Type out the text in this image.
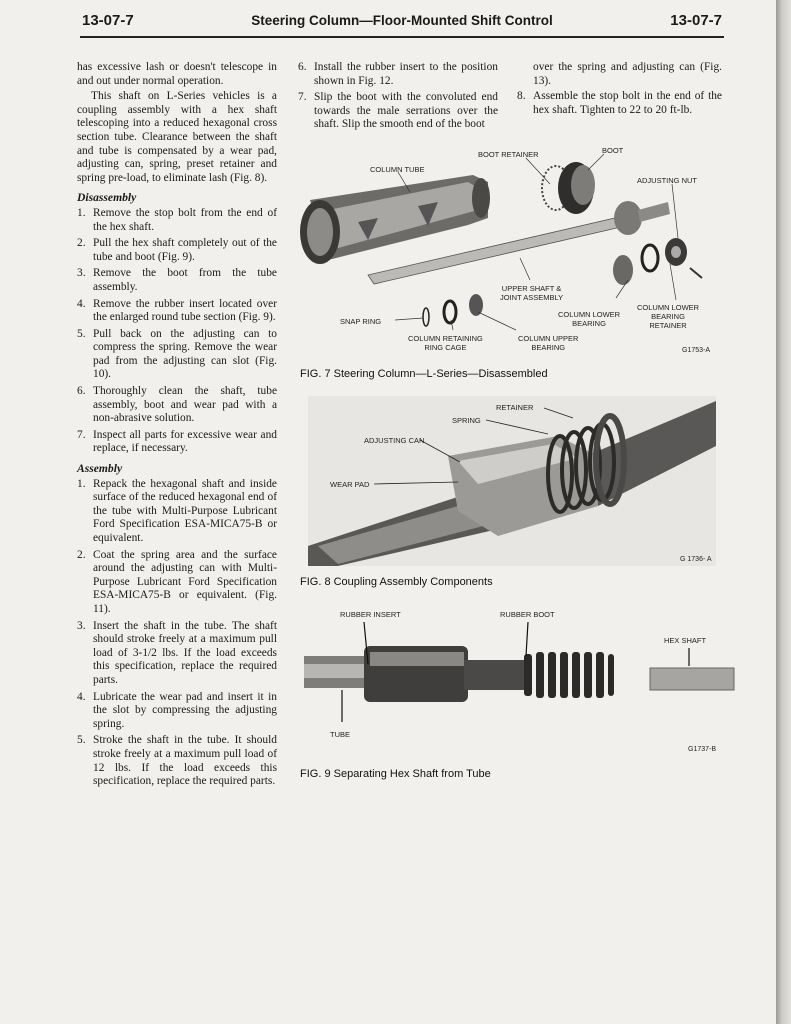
13-07-7	Steering Column—Floor-Mounted Shift Control	13-07-7

has excessive lash or doesn't telescope in and out under normal operation.

This shaft on L-Series vehicles is a coupling assembly with a hex shaft telescoping into a reduced hexagonal cross section tube. Clearance between the shaft and tube is compensated by a wear pad, adjusting can, spring, preset retainer and spring pre-load, to eliminate lash (Fig. 8).

Disassembly
1. Remove the stop bolt from the end of the hex shaft.
2. Pull the hex shaft completely out of the tube and boot (Fig. 9).
3. Remove the boot from the tube assembly.
4. Remove the rubber insert located over the enlarged round tube section (Fig. 9).
5. Pull back on the adjusting can to compress the spring. Remove the wear pad from the adjusting can slot (Fig. 10).
6. Thoroughly clean the shaft, tube assembly, boot and wear pad with a non-abrasive solution.
7. Inspect all parts for excessive wear and replace, if necessary.
Assembly
1. Repack the hexagonal shaft and inside surface of the reduced hexagonal end of the tube with Multi-Purpose Lubricant Ford Specification ESA-MICA75-B or equivalent.
2. Coat the spring area and the surface around the adjusting can with Multi-Purpose Lubricant Ford Specification ESA-MICA75-B or equivalent. (Fig. 11).
3. Insert the shaft in the tube. The shaft should stroke freely at a maximum pull load of 3-1/2 lbs. If the load exceeds this specification, replace the required parts.
4. Lubricate the wear pad and insert it in the slot by compressing the adjusting spring.
5. Stroke the shaft in the tube. It should stroke freely at a maximum pull load of 12 lbs. If the load exceeds this specification, replace the required parts.
6. Install the rubber insert to the position shown in Fig. 12.
7. Slip the boot with the convoluted end towards the male serrations over the shaft. Slip the smooth end of the boot

over the spring and adjusting can (Fig. 13).

8. Assemble the stop bolt in the end of the hex shaft. Tighten to 22 to 20 ft-lb.
COLUMN TUBE
BOOT RETAINER	BOOT
ADJUSTING NUT
UPPER SHAFT &
JOINT ASSEMBLY
SNAP RING
COLUMN LOWER
BEARING
COLUMN LOWER
BEARING
RETAINER
COLUMN RETAINING
RING CAGE
COLUMN UPPER
BEARING	G1753-A
FIG. 7 Steering Column—L-Series—Disassembled
RETAINER
SPRING
ADJUSTING CAN
WEAR PAD
G 1736- A
FIG. 8 Coupling Assembly Components
RUBBER INSERT	RUBBER BOOT
HEX SHAFT
TUBE
G1737-B
FIG. 9 Separating Hex Shaft from Tube
